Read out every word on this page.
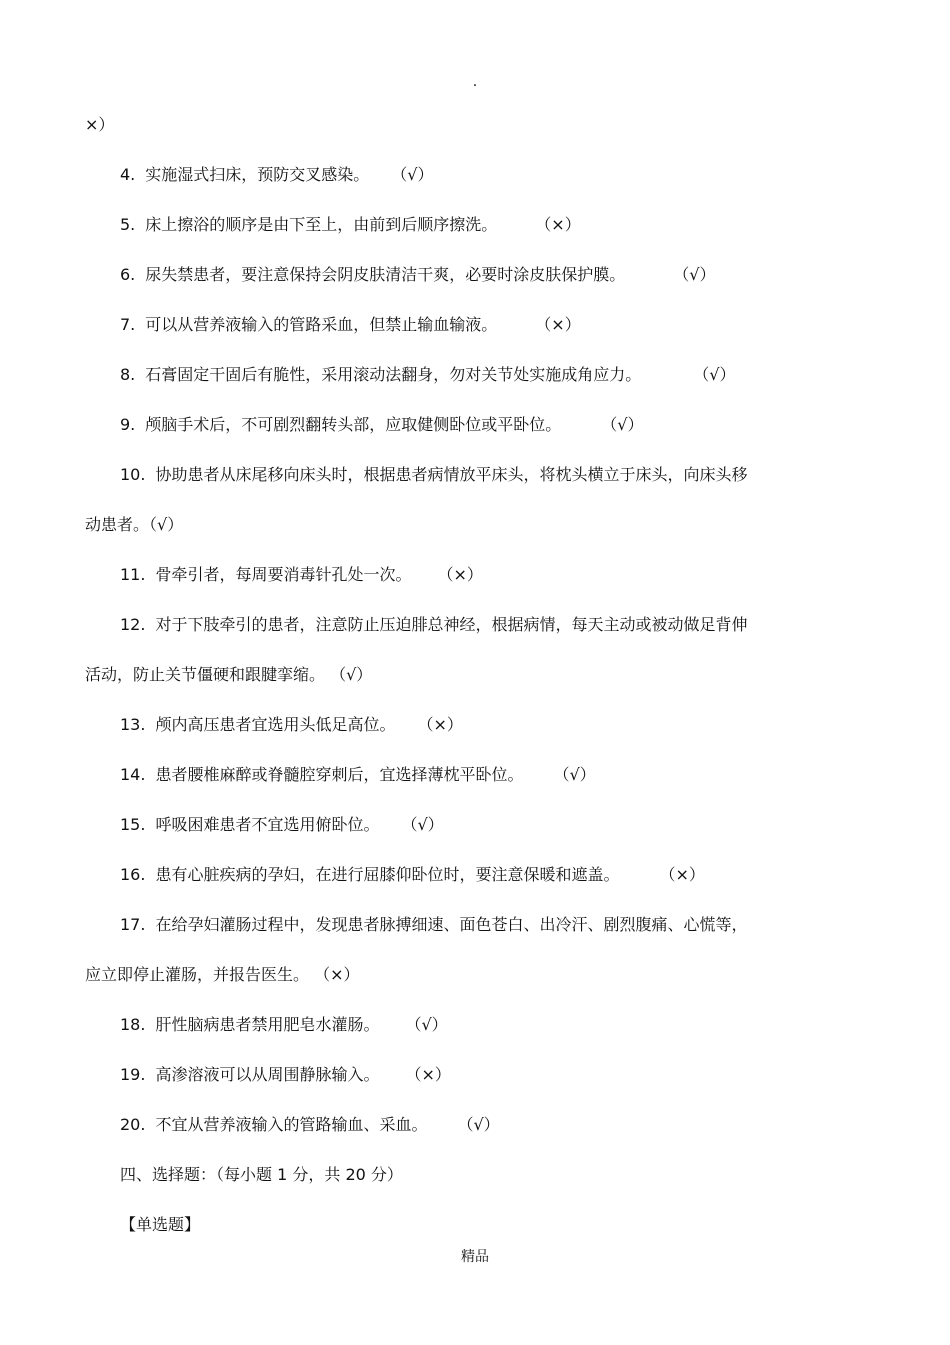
.
×）
4. 实施湿式扫床，预防交叉感染。 （√）
5. 床上擦浴的顺序是由下至上，由前到后顺序擦洗。 （×）
6. 尿失禁患者，要注意保持会阴皮肤清洁干爽，必要时涂皮肤保护膜。	（√）
7. 可以从营养液输入的管路采血，但禁止输血输液。 （×）
8. 石膏固定干固后有脆性，采用滚动法翻身，勿对关节处实施成角应力。	（√）
9. 颅脑手术后，不可剧烈翻转头部，应取健侧卧位或平卧位。	（√）
10. 协助患者从床尾移向床头时，根据患者病情放平床头，将枕头横立于床头，向床头移
动患者。（√）
11. 骨牵引者，每周要消毒针孔处一次。 （×）
12. 对于下肢牵引的患者，注意防止压迫腓总神经，根据病情，每天主动或被动做足背伸
活动，防止关节僵硬和跟腱挛缩。 （√）
13. 颅内高压患者宜选用头低足高位。 （×）
14. 患者腰椎麻醉或脊髓腔穿刺后，宜选择薄枕平卧位。 （√）
15. 呼吸困难患者不宜选用俯卧位。 （√）
16. 患有心脏疾病的孕妇，在进行屈膝仰卧位时，要注意保暖和遮盖。	（×）
17. 在给孕妇灌肠过程中，发现患者脉搏细速、面色苍白、出冷汗、剧烈腹痛、心慌等，
应立即停止灌肠，并报告医生。 （×）
18. 肝性脑病患者禁用肥皂水灌肠。 （√）
19. 高渗溶液可以从周围静脉输入。 （×）
20. 不宜从营养液输入的管路输血、采血。 （√）
四、选择题：（每小题 1 分，共 20 分）
【单选题】
精品
